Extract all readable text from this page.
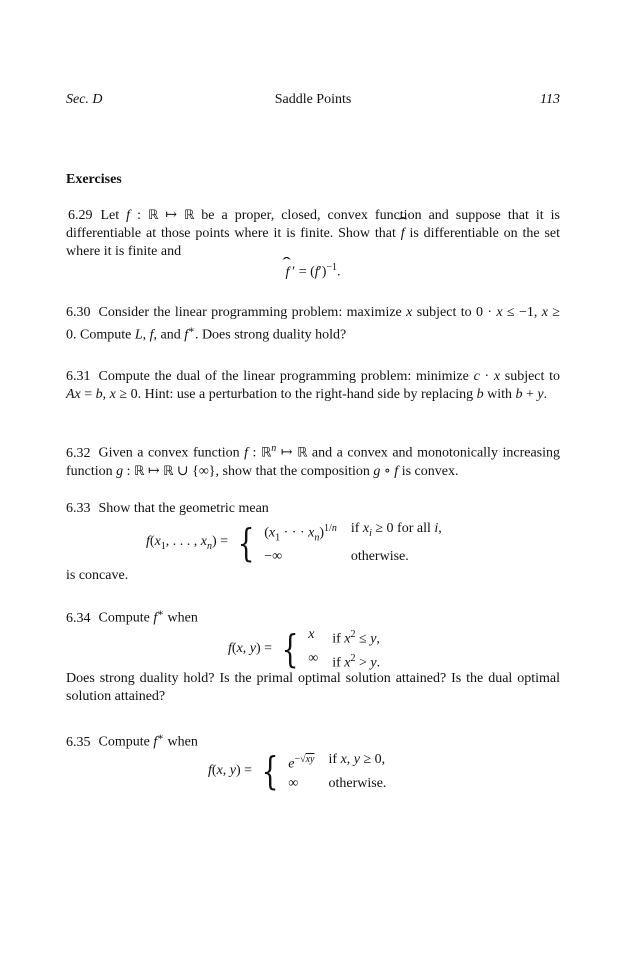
Sec. D	Saddle Points	113
Exercises
6.29 Let f : ℝ ↦ ℝ be a proper, closed, convex function and suppose that it is differentiable at those points where it is finite. Show that ˆ f is differentiable on the set where it is finite and
ˆ f ′ = $(f')^{-1}$.
6.30 Consider the linear programming problem: maximize x subject to 0 · x ≤ −1, x ≥ 0. Compute L, f, and f∗. Does strong duality hold?
6.31 Compute the dual of the linear programming problem: minimize c · x subject to Ax = b, x ≥ 0. Hint: use a perturbation to the right-hand side by replacing b with b + y.
6.32 Given a convex function f : ℝ$^n$ ↦ ℝ and a convex and monotonically increasing function g : ℝ ↦ ℝ ∪ {∞}, show that the composition g ∘ f is convex.
6.33 Show that the geometric mean
$f(x_1$, . . . , $x_n$) = { ($x_1$ · · · $x_n)^{1/n}$ if $x_i \ge 0$ for all i,
−∞	otherwise.
is concave.
6.34 Compute f∗ when
f(x, y) = { x if $x^2 \le y$,
∞ if $x^2 > y$.
Does strong duality hold? Is the primal optimal solution attained? Is the dual optimal solution attained?
6.35 Compute f∗ when
f(x, y) = { $e^{-√xy}$ if x, y ≥ 0,
∞	otherwise.
